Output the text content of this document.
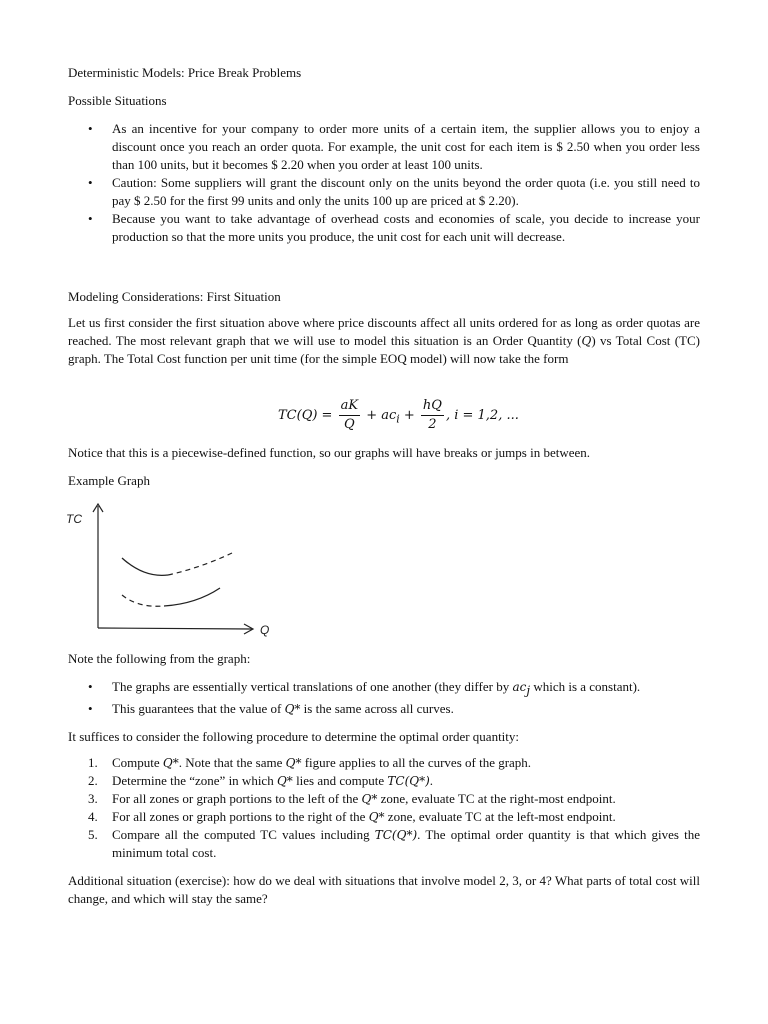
Deterministic Models: Price Break Problems
Possible Situations
• As an incentive for your company to order more units of a certain item, the supplier allows you to enjoy a discount once you reach an order quota. For example, the unit cost for each item is $ 2.50 when you order less than 100 units, but it becomes $ 2.20 when you order at least 100 units.
• Caution: Some suppliers will grant the discount only on the units beyond the order quota (i.e. you still need to pay $ 2.50 for the first 99 units and only the units 100 up are priced at $ 2.20).
• Because you want to take advantage of overhead costs and economies of scale, you decide to increase your production so that the more units you produce, the unit cost for each unit will decrease.
Modeling Considerations: First Situation
Let us first consider the first situation above where price discounts affect all units ordered for as long as order quotas are reached. The most relevant graph that we will use to model this situation is an Order Quantity (Q) vs Total Cost (TC) graph. The Total Cost function per unit time (for the simple EOQ model) will now take the form
$TC(Q) = \frac{aK}{Q} + ac_i + \frac{hQ}{2}$ , i = 1,2, ...
Notice that this is a piecewise-defined function, so our graphs will have breaks or jumps in between.
Example Graph
TC
Q
Note the following from the graph:
• The graphs are essentially vertical translations of one another (they differ by $ac_j$ which is a constant).
• This guarantees that the value of Q* is the same across all curves.
It suffices to consider the following procedure to determine the optimal order quantity:
1. Compute Q*. Note that the same Q* figure applies to all the curves of the graph.
2. Determine the “zone” in which Q* lies and compute TC(Q*).
3. For all zones or graph portions to the left of the Q* zone, evaluate TC at the right-most endpoint.
4. For all zones or graph portions to the right of the Q* zone, evaluate TC at the left-most endpoint.
5. Compare all the computed TC values including TC(Q*). The optimal order quantity is that which gives the minimum total cost.
Additional situation (exercise): how do we deal with situations that involve model 2, 3, or 4? What parts of total cost will change, and which will stay the same?
